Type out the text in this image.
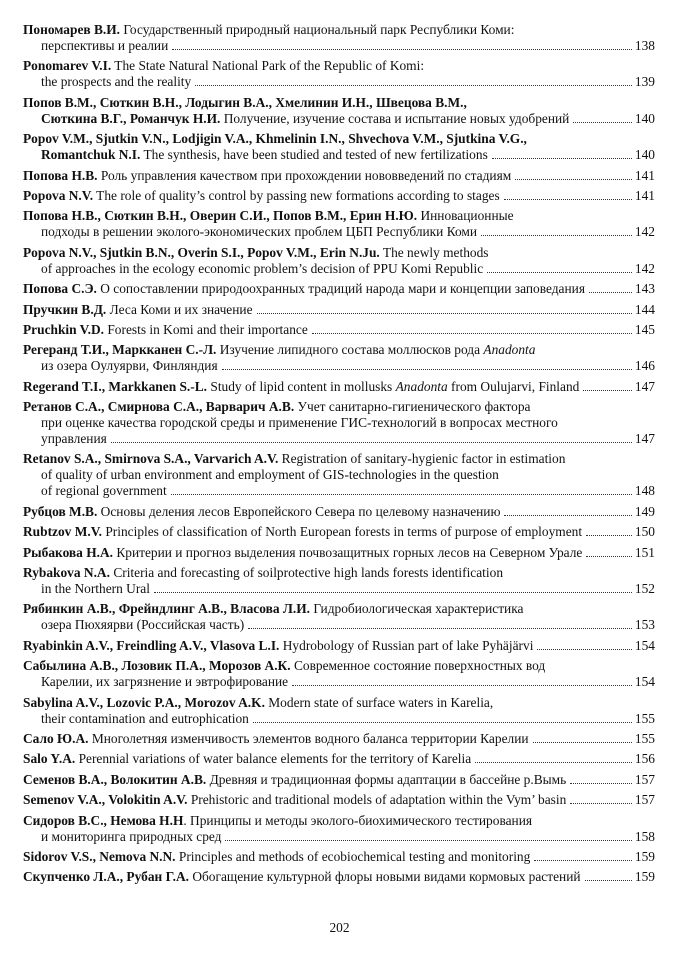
Пономарев В.И. Государственный природный национальный парк Республики Коми:
перспективы и реалии	138
Ponomarev V.I. The State Natural National Park of the Republic of Komi:
the prospects and the reality	139
Попов В.М., Сюткин В.Н., Лодыгин В.А., Хмелинин И.Н., Швецова В.М.,
Сюткина В.Г., Романчук Н.И. Получение, изучение состава и испытание новых удобрений	140
Popov V.M., Sjutkin V.N., Lodjigin V.A., Khmelinin I.N., Shvechova V.M., Sjutkina V.G.,
Romantchuk N.I. The synthesis, have been studied and tested of new fertilizations	140
Попова Н.В. Роль управления качеством при прохождении нововведений по стадиям	141
Popova N.V. The role of quality’s control by passing new formations according to stages	141
Попова Н.В., Сюткин В.Н., Оверин С.И., Попов В.М., Ерин Н.Ю. Инновационные
подходы в решении эколого-экономических проблем ЦБП Республики Коми	142
Popova N.V., Sjutkin B.N., Overin S.I., Popov V.M., Erin N.Ju. The newly methods
of approaches in the ecology economic problem’s decision of PPU Komi Republic	142
Попова С.Э. О сопоставлении природоохранных традиций народа мари и концепции заповедания	143
Пручкин В.Д. Леса Коми и их значение	144
Pruchkin V.D. Forests in Komi and their importance	145
Регеранд Т.И., Маркканен С.-Л. Изучение липидного состава моллюсков рода Anadonta
из озера Оулуярви, Финляндия	146
Regerand T.I., Markkanen S.-L. Study of lipid content in mollusks Anadonta from Oulujarvi, Finland	147
Ретанов С.А., Смирнова С.А., Варварич А.В. Учет санитарно-гигиенического фактора
при оценке качества городской среды и применение ГИС-технологий в вопросах местного
управления	147
Retanov S.A., Smirnova S.A., Varvarich A.V. Registration of sanitary-hygienic factor in estimation
of quality of urban environment and employment of GIS-technologies in the question
of regional government	148
Рубцов М.В. Основы деления лесов Европейского Севера по целевому назначению	149
Rubtzov M.V. Principles of classification of North European forests in terms of purpose of employment	150
Рыбакова Н.А. Критерии и прогноз выделения почвозащитных горных лесов на Северном Урале	151
Rybakova N.A. Criteria and forecasting of soilprotective high lands forests identification
in the Northern Ural	152
Рябинкин А.В., Фрейндлинг А.В., Власова Л.И. Гидробиологическая характеристика
озера Пюхяярви (Российская часть)	153
Ryabinkin A.V., Freindling A.V., Vlasova L.I. Hydrobology of Russian part of lake Pyhäjärvi	154
Сабылина А.В., Лозовик П.А., Морозов А.К. Современное состояние поверхностных вод
Карелии, их загрязнение и эвтрофирование	154
Sabylina A.V., Lozovic P.A., Morozov A.K. Modern state of surface waters in Karelia,
their contamination and eutrophication	155
Сало Ю.А. Многолетняя изменчивость элементов водного баланса территории Карелии	155
Salo Y.A. Perennial variations of water balance elements for the territory of Karelia	156
Семенов В.А., Волокитин А.В. Древняя и традиционная формы адаптации в бассейне р.Вымь	157
Semenov V.A., Volokitin A.V. Prehistoric and traditional models of adaptation within the Vym’ basin	157
Сидоров В.С., Немова Н.Н. Принципы и методы эколого-биохимического тестирования
и мониторинга природных сред	158
Sidorov V.S., Nemova N.N. Principles and methods of ecobiochemical testing and monitoring	159
Скупченко Л.А., Рубан Г.А. Обогащение культурной флоры новыми видами кормовых растений	159
202
